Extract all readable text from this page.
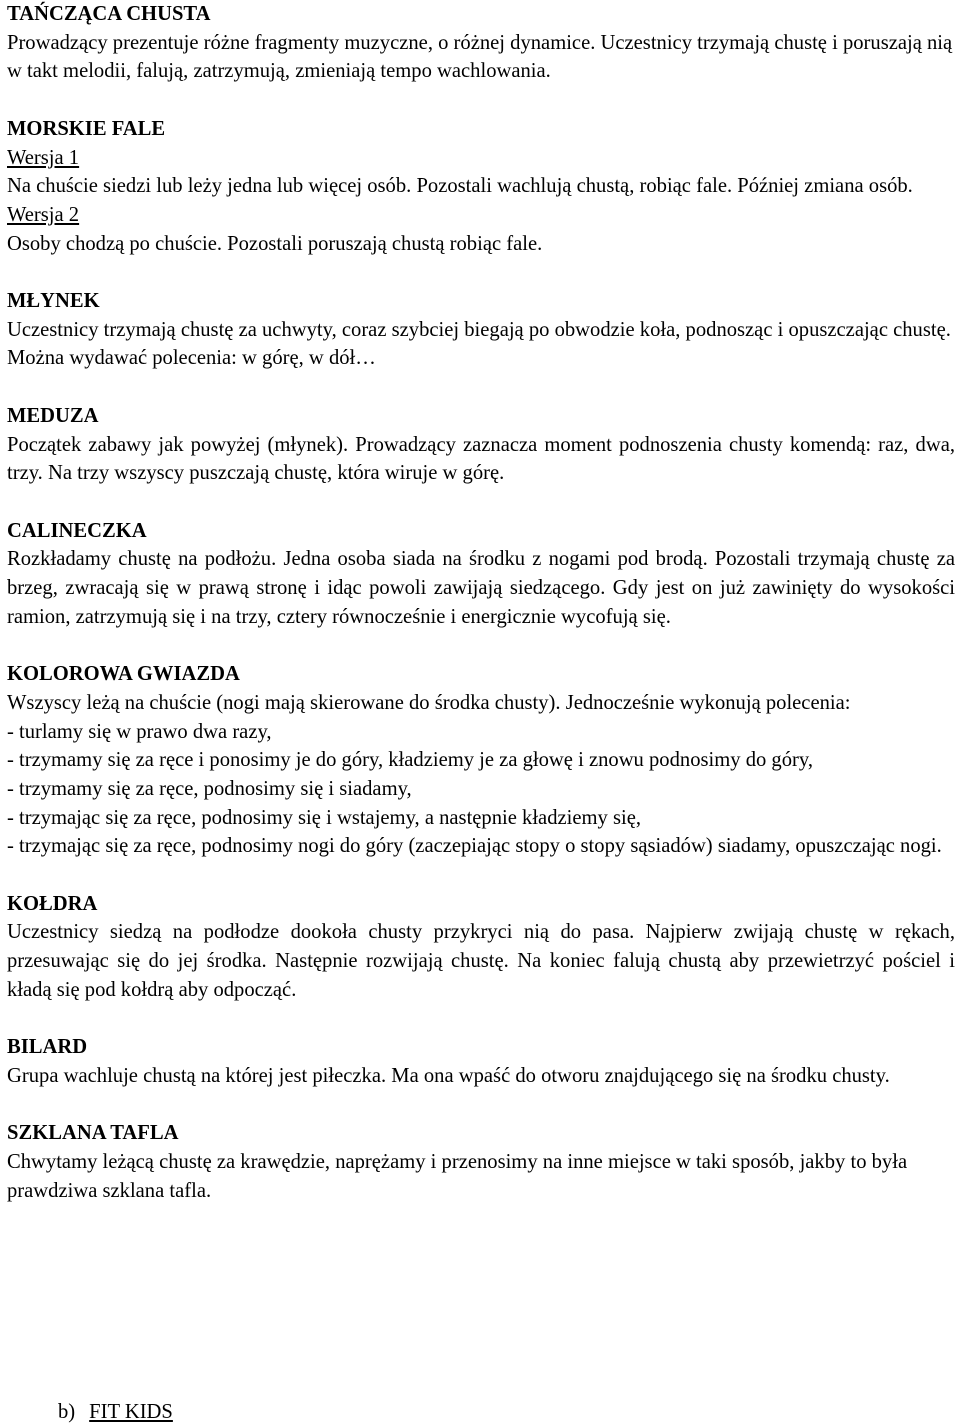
TAŃCZĄCA CHUSTA
Prowadzący prezentuje różne fragmenty muzyczne, o różnej dynamice. Uczestnicy trzymają chustę i poruszają nią w takt melodii, falują, zatrzymują, zmieniają tempo wachlowania.
MORSKIE FALE
Wersja 1
Na chuście siedzi lub leży jedna lub więcej osób. Pozostali wachlują chustą, robiąc fale. Później zmiana osób.
Wersja 2
Osoby chodzą po chuście. Pozostali poruszają chustą robiąc fale.
MŁYNEK
Uczestnicy trzymają chustę za uchwyty, coraz szybciej biegają po obwodzie koła, podnosząc i opuszczając chustę. Można wydawać polecenia: w górę, w dół…
MEDUZA
Początek zabawy jak powyżej (młynek). Prowadzący zaznacza moment podnoszenia chusty komendą: raz, dwa, trzy. Na trzy wszyscy puszczają chustę, która wiruje w górę.
CALINECZKA
Rozkładamy chustę na podłożu. Jedna osoba siada na środku z nogami pod brodą. Pozostali trzymają chustę za brzeg, zwracają się w prawą stronę i idąc powoli zawijają siedzącego. Gdy jest on już zawinięty do wysokości ramion, zatrzymują się i na trzy, cztery równocześnie i energicznie wycofują się.
KOLOROWA GWIAZDA
Wszyscy leżą na chuście (nogi mają skierowane do środka chusty). Jednocześnie wykonują polecenia:
- turlamy się w prawo dwa razy,
- trzymamy się za ręce i ponosimy je do góry, kładziemy je za głowę i znowu podnosimy do góry,
- trzymamy się za ręce, podnosimy się i siadamy,
- trzymając się za ręce, podnosimy się i wstajemy, a następnie kładziemy się,
- trzymając się za ręce, podnosimy nogi do góry (zaczepiając stopy o stopy sąsiadów) siadamy, opuszczając nogi.
KOŁDRA
Uczestnicy siedzą na podłodze dookoła chusty przykryci nią do pasa. Najpierw zwijają chustę w rękach, przesuwając się do jej środka. Następnie rozwijają chustę. Na koniec falują chustą aby przewietrzyć pościel i kładą się pod kołdrą aby odpocząć.
BILARD
Grupa wachluje chustą na której jest piłeczka. Ma ona wpaść do otworu znajdującego się na środku chusty.
SZKLANA TAFLA
Chwytamy leżącą chustę za krawędzie, naprężamy i przenosimy na inne miejsce w taki sposób, jakby to była prawdziwa szklana tafla.
b) FIT KIDS
